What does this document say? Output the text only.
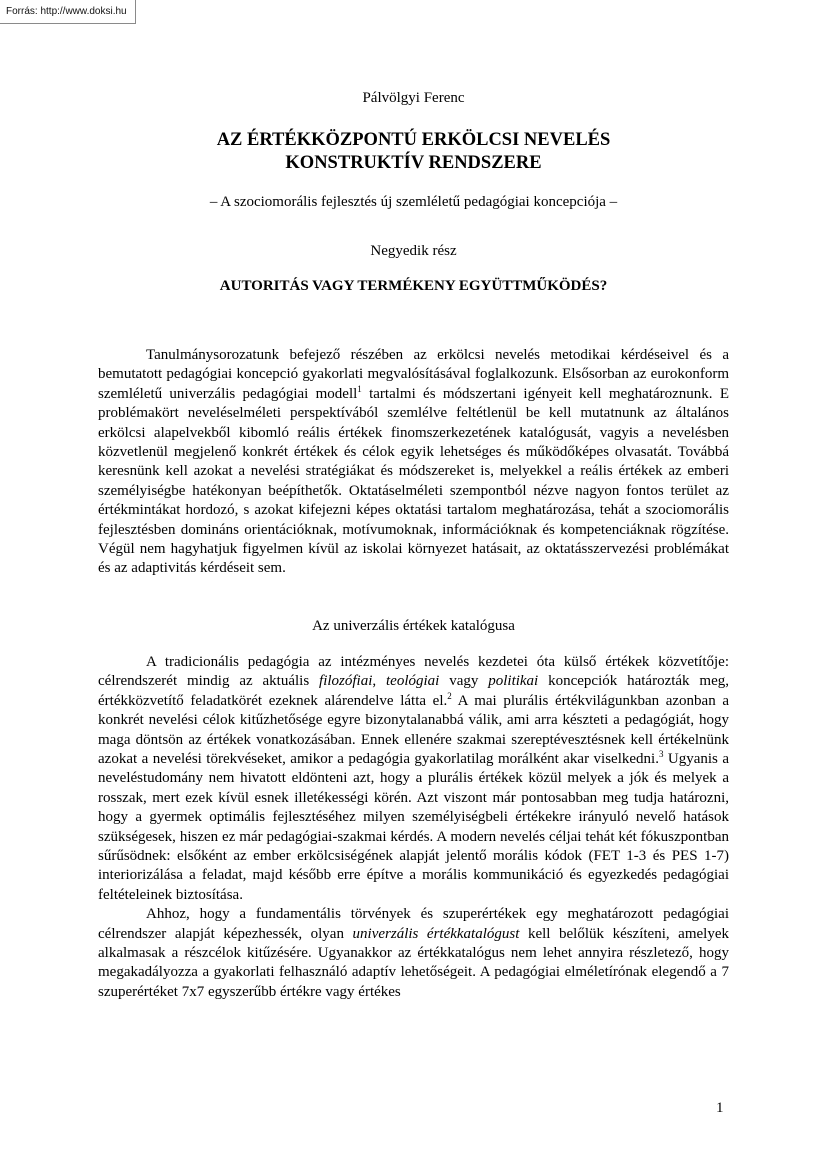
Forrás: http://www.doksi.hu

Pálvölgyi Ferenc

AZ ÉRTÉKKÖZPONTÚ ERKÖLCSI NEVELÉS
KONSTRUKTÍV RENDSZERE

– A szociomorális fejlesztés új szemléletű pedagógiai koncepciója –

Negyedik rész

AUTORITÁS VAGY TERMÉKENY EGYÜTTMŰKÖDÉS?

Tanulmánysorozatunk befejező részében az erkölcsi nevelés metodikai kérdéseivel és a bemutatott pedagógiai koncepció gyakorlati megvalósításával foglalkozunk. Elsősorban az eurokonform szemléletű univerzális pedagógiai modell$^1$ tartalmi és módszertani igényeit kell meghatároznunk. E problémakört neveléselméleti perspektívából szemlélve feltétlenül be kell mutatnunk az általános erkölcsi alapelvekből kibomló reális értékek finomszerkezetének katalógusát, vagyis a nevelésben közvetlenül megjelenő konkrét értékek és célok egyik lehetséges és működőképes olvasatát. Továbbá keresnünk kell azokat a nevelési stratégiákat és módszereket is, melyekkel a reális értékek az emberi személyiségbe hatékonyan beépíthetők. Oktatáselméleti szempontból nézve nagyon fontos terület az értékmintákat hordozó, s azokat kifejezni képes oktatási tartalom meghatározása, tehát a szociomorális fejlesztésben domináns orientációknak, motívumoknak, információknak és kompetenciáknak rögzítése. Végül nem hagyhatjuk figyelmen kívül az iskolai környezet hatásait, az oktatásszervezési problémákat és az adaptivitás kérdéseit sem.

Az univerzális értékek katalógusa

A tradicionális pedagógia az intézményes nevelés kezdetei óta külső értékek közvetítője: célrendszerét mindig az aktuális filozófiai, teológiai vagy politikai koncepciók határozták meg, értékközvetítő feladatkörét ezeknek alárendelve látta el.$^2$ A mai plurális értékvilágunkban azonban a konkrét nevelési célok kitűzhetősége egyre bizonytalanabbá válik, ami arra készteti a pedagógiát, hogy maga döntsön az értékek vonatkozásában. Ennek ellenére szakmai szereptévesztésnek kell értékelnünk azokat a nevelési törekvéseket, amikor a pedagógia gyakorlatilag morálként akar viselkedni.$^3$ Ugyanis a neveléstudomány nem hivatott eldönteni azt, hogy a plurális értékek közül melyek a jók és melyek a rosszak, mert ezek kívül esnek illetékességi körén. Azt viszont már pontosabban meg tudja határozni, hogy a gyermek optimális fejlesztéséhez milyen személyiségbeli értékekre irányuló nevelő hatások szükségesek, hiszen ez már pedagógiai-szakmai kérdés. A modern nevelés céljai tehát két fókuszpontban sűrűsödnek: elsőként az ember erkölcsiségének alapját jelentő morális kódok (FET 1-3 és PES 1-7) interiorizálása a feladat, majd később erre építve a morális kommunikáció és egyezkedés pedagógiai feltételeinek biztosítása.

Ahhoz, hogy a fundamentális törvények és szuperértékek egy meghatározott pedagógiai célrendszer alapját képezhessék, olyan univerzális értékkatalógust kell belőlük készíteni, amelyek alkalmasak a részcélok kitűzésére. Ugyanakkor az értékkatalógus nem lehet annyira részletező, hogy megakadályozza a gyakorlati felhasználó adaptív lehetőségeit. A pedagógiai elméletírónak elegendő a 7 szuperértéket 7x7 egyszerűbb értékre vagy értékes

1
